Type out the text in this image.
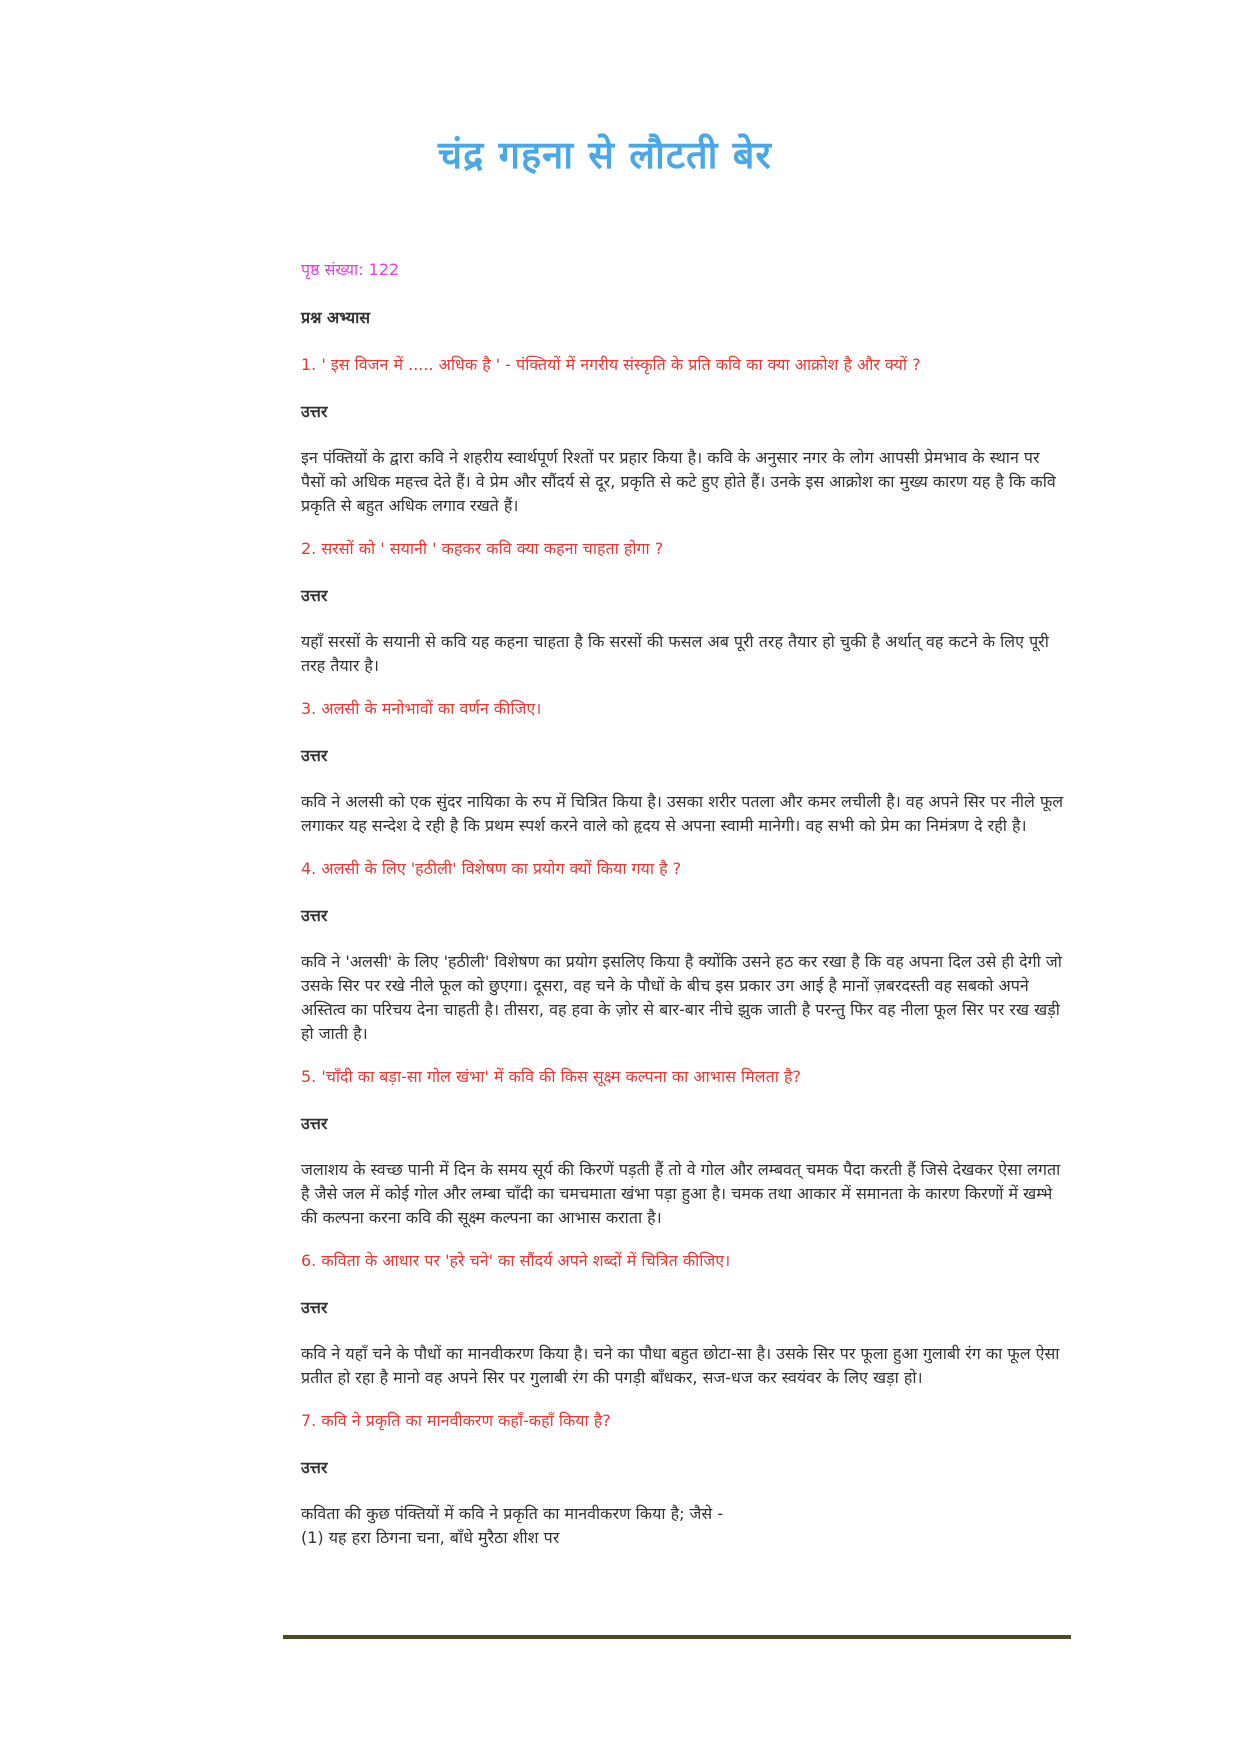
चंद्र गहना से लौटती बेर

पृष्ठ संख्या: 122

प्रश्न अभ्यास

1. ' इस विजन में ..... अधिक है ' - पंक्तियों में नगरीय संस्कृति के प्रति कवि का क्या आक्रोश है और क्यों ?

उत्तर

इन पंक्तियों के द्वारा कवि ने शहरीय स्वार्थपूर्ण रिश्तों पर प्रहार किया है। कवि के अनुसार नगर के लोग आपसी प्रेमभाव के स्थान पर पैसों को अधिक महत्त्व देते हैं। वे प्रेम और सौंदर्य से दूर, प्रकृति से कटे हुए होते हैं। उनके इस आक्रोश का मुख्य कारण यह है कि कवि प्रकृति से बहुत अधिक लगाव रखते हैं।

2. सरसों को ' सयानी ' कहकर कवि क्या कहना चाहता होगा ?

उत्तर

यहाँ सरसों के सयानी से कवि यह कहना चाहता है कि सरसों की फसल अब पूरी तरह तैयार हो चुकी है अर्थात् वह कटने के लिए पूरी तरह तैयार है।

3. अलसी के मनोभावों का वर्णन कीजिए।

उत्तर

कवि ने अलसी को एक सुंदर नायिका के रुप में चित्रित किया है। उसका शरीर पतला और कमर लचीली है। वह अपने सिर पर नीले फूल लगाकर यह सन्देश दे रही है कि प्रथम स्पर्श करने वाले को हृदय से अपना स्वामी मानेगी। वह सभी को प्रेम का निमंत्रण दे रही है।

4. अलसी के लिए 'हठीली' विशेषण का प्रयोग क्यों किया गया है ?

उत्तर

कवि ने 'अलसी' के लिए 'हठीली' विशेषण का प्रयोग इसलिए किया है क्योंकि उसने हठ कर रखा है कि वह अपना दिल उसे ही देगी जो उसके सिर पर रखे नीले फूल को छुएगा। दूसरा, वह चने के पौधों के बीच इस प्रकार उग आई है मानों ज़बरदस्ती वह सबको अपने अस्तित्व का परिचय देना चाहती है। तीसरा, वह हवा के ज़ोर से बार-बार नीचे झुक जाती है परन्तु फिर वह नीला फूल सिर पर रख खड़ी हो जाती है।

5. 'चाँदी का बड़ा-सा गोल खंभा' में कवि की किस सूक्ष्म कल्पना का आभास मिलता है?

उत्तर

जलाशय के स्वच्छ पानी में दिन के समय सूर्य की किरणें पड़ती हैं तो वे गोल और लम्बवत् चमक पैदा करती हैं जिसे देखकर ऐसा लगता है जैसे जल में कोई गोल और लम्बा चाँदी का चमचमाता खंभा पड़ा हुआ है। चमक तथा आकार में समानता के कारण किरणों में खम्भे की कल्पना करना कवि की सूक्ष्म कल्पना का आभास कराता है।

6. कविता के आधार पर 'हरे चने' का सौंदर्य अपने शब्दों में चित्रित कीजिए।

उत्तर

कवि ने यहाँ चने के पौधों का मानवीकरण किया है। चने का पौधा बहुत छोटा-सा है। उसके सिर पर फूला हुआ गुलाबी रंग का फूल ऐसा प्रतीत हो रहा है मानो वह अपने सिर पर गुलाबी रंग की पगड़ी बाँधकर, सज-धज कर स्वयंवर के लिए खड़ा हो।

7. कवि ने प्रकृति का मानवीकरण कहाँ-कहाँ किया है?

उत्तर

कविता की कुछ पंक्तियों में कवि ने प्रकृति का मानवीकरण किया है; जैसे -
(1) यह हरा ठिगना चना, बाँधे मुरैठा शीश पर
